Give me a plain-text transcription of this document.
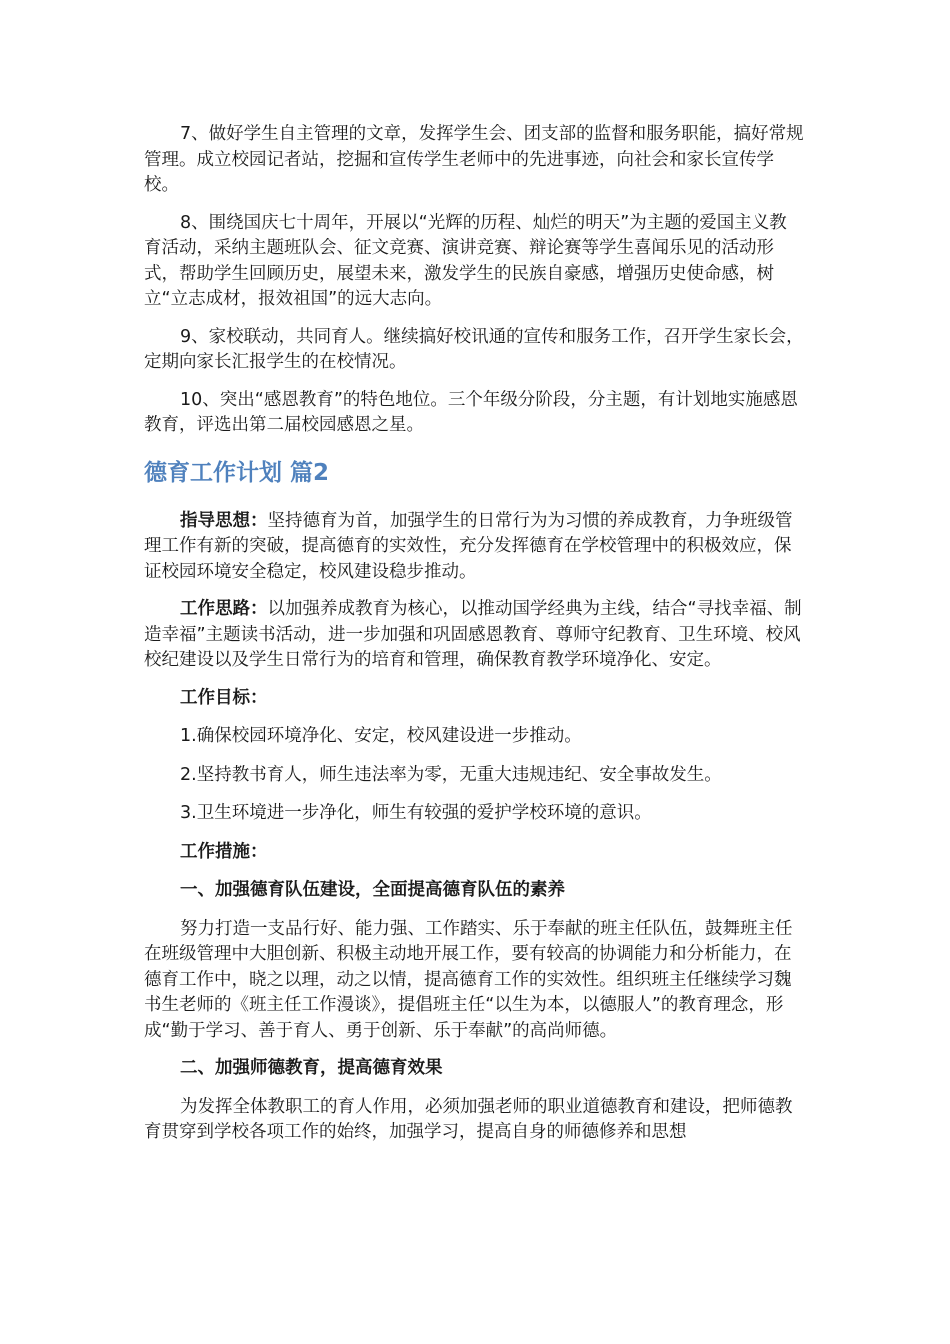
7、做好学生自主管理的文章，发挥学生会、团支部的监督和服务职能，搞好常规管理。成立校园记者站，挖掘和宣传学生老师中的先进事迹，向社会和家长宣传学校。

8、围绕国庆七十周年，开展以“光辉的历程、灿烂的明天”为主题的爱国主义教育活动，采纳主题班队会、征文竞赛、演讲竞赛、辩论赛等学生喜闻乐见的活动形式，帮助学生回顾历史，展望未来，激发学生的民族自豪感，增强历史使命感，树立“立志成材，报效祖国”的远大志向。

9、家校联动，共同育人。继续搞好校讯通的宣传和服务工作，召开学生家长会，定期向家长汇报学生的在校情况。

10、突出“感恩教育”的特色地位。三个年级分阶段，分主题，有计划地实施感恩教育，评选出第二届校园感恩之星。

德育工作计划 篇2

指导思想：坚持德育为首，加强学生的日常行为为习惯的养成教育，力争班级管理工作有新的突破，提高德育的实效性，充分发挥德育在学校管理中的积极效应，保证校园环境安全稳定，校风建设稳步推动。

工作思路：以加强养成教育为核心，以推动国学经典为主线，结合“寻找幸福、制造幸福”主题读书活动，进一步加强和巩固感恩教育、尊师守纪教育、卫生环境、校风校纪建设以及学生日常行为的培育和管理，确保教育教学环境净化、安定。

工作目标：

1.确保校园环境净化、安定，校风建设进一步推动。

2.坚持教书育人，师生违法率为零，无重大违规违纪、安全事故发生。

3.卫生环境进一步净化，师生有较强的爱护学校环境的意识。

工作措施：

一、加强德育队伍建设，全面提高德育队伍的素养

努力打造一支品行好、能力强、工作踏实、乐于奉献的班主任队伍，鼓舞班主任在班级管理中大胆创新、积极主动地开展工作，要有较高的协调能力和分析能力，在德育工作中，晓之以理，动之以情，提高德育工作的实效性。组织班主任继续学习魏书生老师的《班主任工作漫谈》，提倡班主任“以生为本，以德服人”的教育理念，形成“勤于学习、善于育人、勇于创新、乐于奉献”的高尚师德。

二、加强师德教育，提高德育效果

为发挥全体教职工的育人作用，必须加强老师的职业道德教育和建设，把师德教育贯穿到学校各项工作的始终，加强学习，提高自身的师德修养和思想
